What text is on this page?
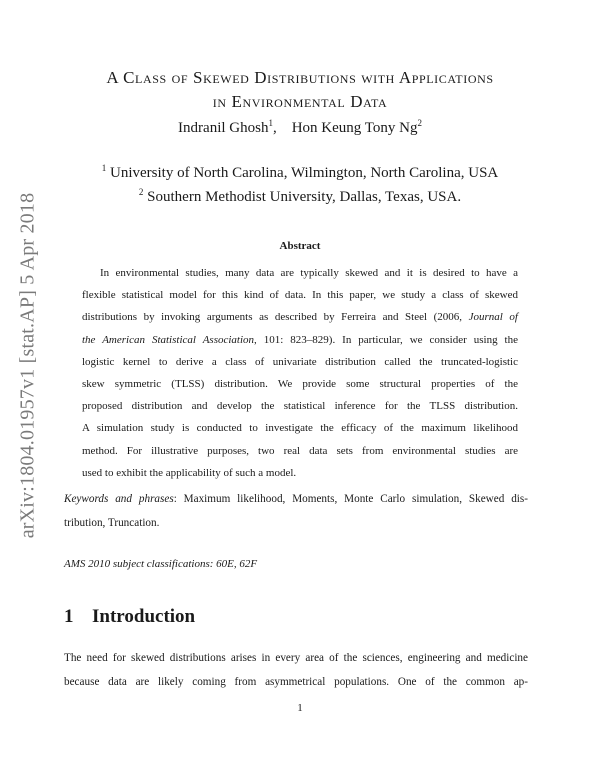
arXiv:1804.01957v1 [stat.AP] 5 Apr 2018
A Class of Skewed Distributions with Applications
in Environmental Data
Indranil Ghosh$^1$, Hon Keung Tony Ng$^2$
$^1$ University of North Carolina, Wilmington, North Carolina, USA
$^2$ Southern Methodist University, Dallas, Texas, USA.
Abstract
In environmental studies, many data are typically skewed and it is desired to have a
flexible statistical model for this kind of data. In this paper, we study a class of skewed
distributions by invoking arguments as described by Ferreira and Steel (2006, Journal of
the American Statistical Association, 101: 823–829). In particular, we consider using the
logistic kernel to derive a class of univariate distribution called the truncated-logistic
skew symmetric (TLSS) distribution. We provide some structural properties of the
proposed distribution and develop the statistical inference for the TLSS distribution.
A simulation study is conducted to investigate the efficacy of the maximum likelihood
method. For illustrative purposes, two real data sets from environmental studies are
used to exhibit the applicability of such a model.
Keywords and phrases: Maximum likelihood, Moments, Monte Carlo simulation, Skewed dis-
tribution, Truncation.
AMS 2010 subject classifications: 60E, 62F
1 Introduction
The need for skewed distributions arises in every area of the sciences, engineering and medicine
because data are likely coming from asymmetrical populations. One of the common ap-
1
